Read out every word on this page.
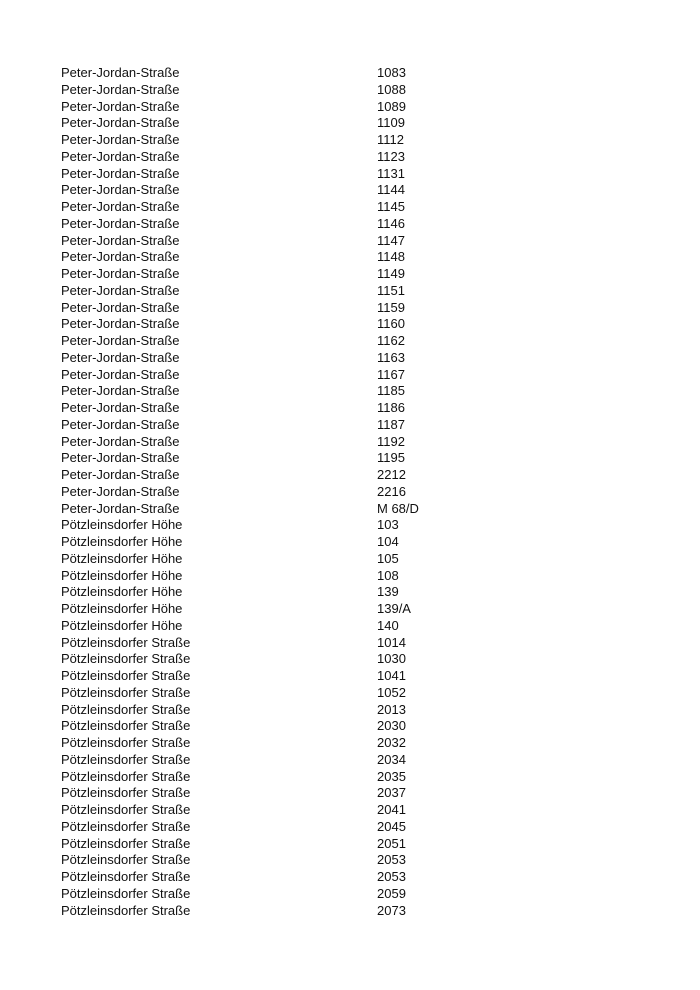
Peter-Jordan-Straße	1083
Peter-Jordan-Straße	1088
Peter-Jordan-Straße	1089
Peter-Jordan-Straße	1109
Peter-Jordan-Straße	1112
Peter-Jordan-Straße	1123
Peter-Jordan-Straße	1131
Peter-Jordan-Straße	1144
Peter-Jordan-Straße	1145
Peter-Jordan-Straße	1146
Peter-Jordan-Straße	1147
Peter-Jordan-Straße	1148
Peter-Jordan-Straße	1149
Peter-Jordan-Straße	1151
Peter-Jordan-Straße	1159
Peter-Jordan-Straße	1160
Peter-Jordan-Straße	1162
Peter-Jordan-Straße	1163
Peter-Jordan-Straße	1167
Peter-Jordan-Straße	1185
Peter-Jordan-Straße	1186
Peter-Jordan-Straße	1187
Peter-Jordan-Straße	1192
Peter-Jordan-Straße	1195
Peter-Jordan-Straße	2212
Peter-Jordan-Straße	2216
Peter-Jordan-Straße	M 68/D
Pötzleinsdorfer Höhe	103
Pötzleinsdorfer Höhe	104
Pötzleinsdorfer Höhe	105
Pötzleinsdorfer Höhe	108
Pötzleinsdorfer Höhe	139
Pötzleinsdorfer Höhe	139/A
Pötzleinsdorfer Höhe	140
Pötzleinsdorfer Straße	1014
Pötzleinsdorfer Straße	1030
Pötzleinsdorfer Straße	1041
Pötzleinsdorfer Straße	1052
Pötzleinsdorfer Straße	2013
Pötzleinsdorfer Straße	2030
Pötzleinsdorfer Straße	2032
Pötzleinsdorfer Straße	2034
Pötzleinsdorfer Straße	2035
Pötzleinsdorfer Straße	2037
Pötzleinsdorfer Straße	2041
Pötzleinsdorfer Straße	2045
Pötzleinsdorfer Straße	2051
Pötzleinsdorfer Straße	2053
Pötzleinsdorfer Straße	2053
Pötzleinsdorfer Straße	2059
Pötzleinsdorfer Straße	2073
